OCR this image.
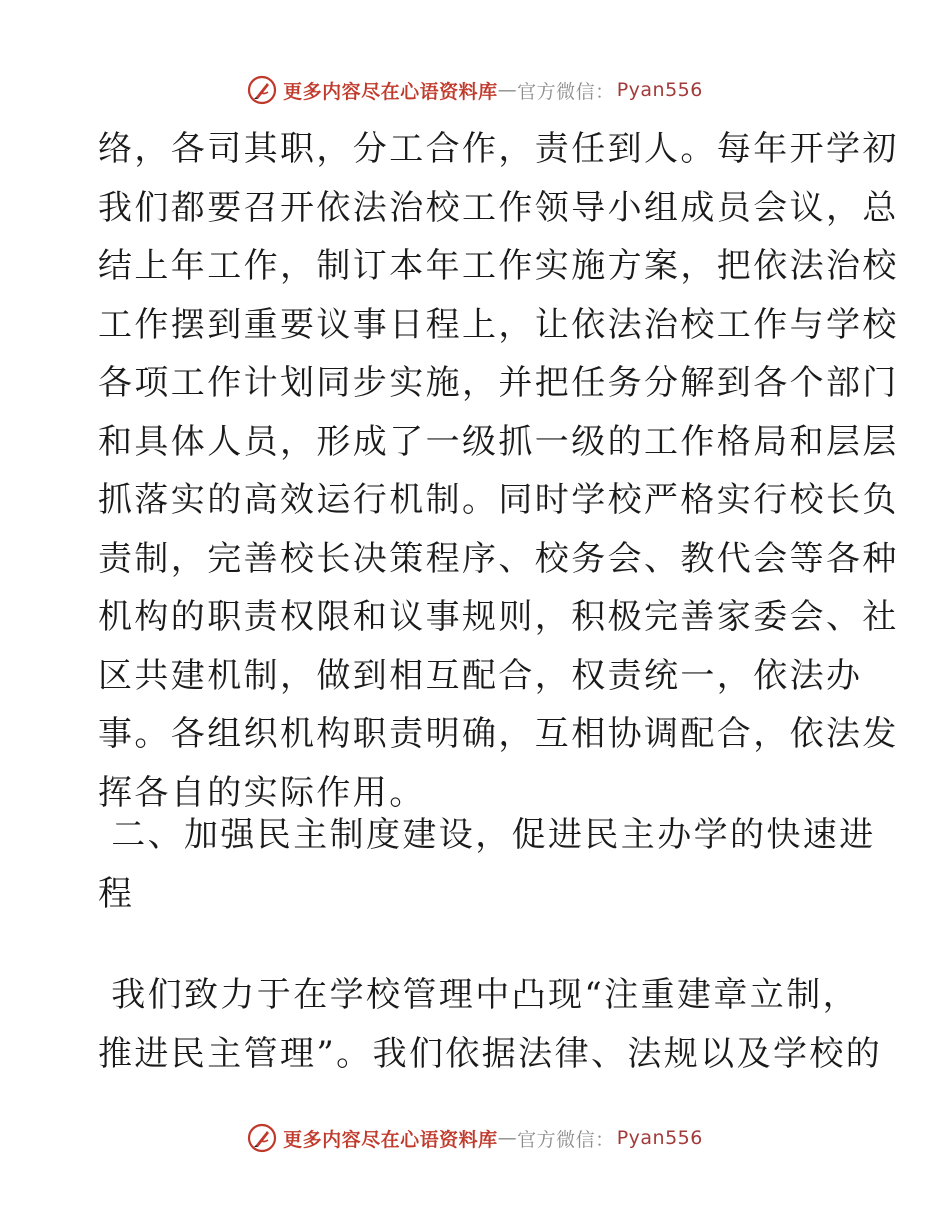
更多内容尽在心语资料库 — 官方微信： Pyan556
络，各司其职，分工合作，责任到人。每年开学初
我们都要召开依法治校工作领导小组成员会议，总
结上年工作，制订本年工作实施方案，把依法治校
工作摆到重要议事日程上，让依法治校工作与学校
各项工作计划同步实施，并把任务分解到各个部门
和具体人员，形成了一级抓一级的工作格局和层层
抓落实的高效运行机制。同时学校严格实行校长负
责制，完善校长决策程序、校务会、教代会等各种
机构的职责权限和议事规则，积极完善家委会、社
区共建机制，做到相互配合，权责统一，依法办
事。各组织机构职责明确，互相协调配合，依法发
挥各自的实际作用。
二、加强民主制度建设，促进民主办学的快速进
程
我们致力于在学校管理中凸现“注重建章立制，
推进民主管理”。我们依据法律、法规以及学校的
更多内容尽在心语资料库 — 官方微信： Pyan556
